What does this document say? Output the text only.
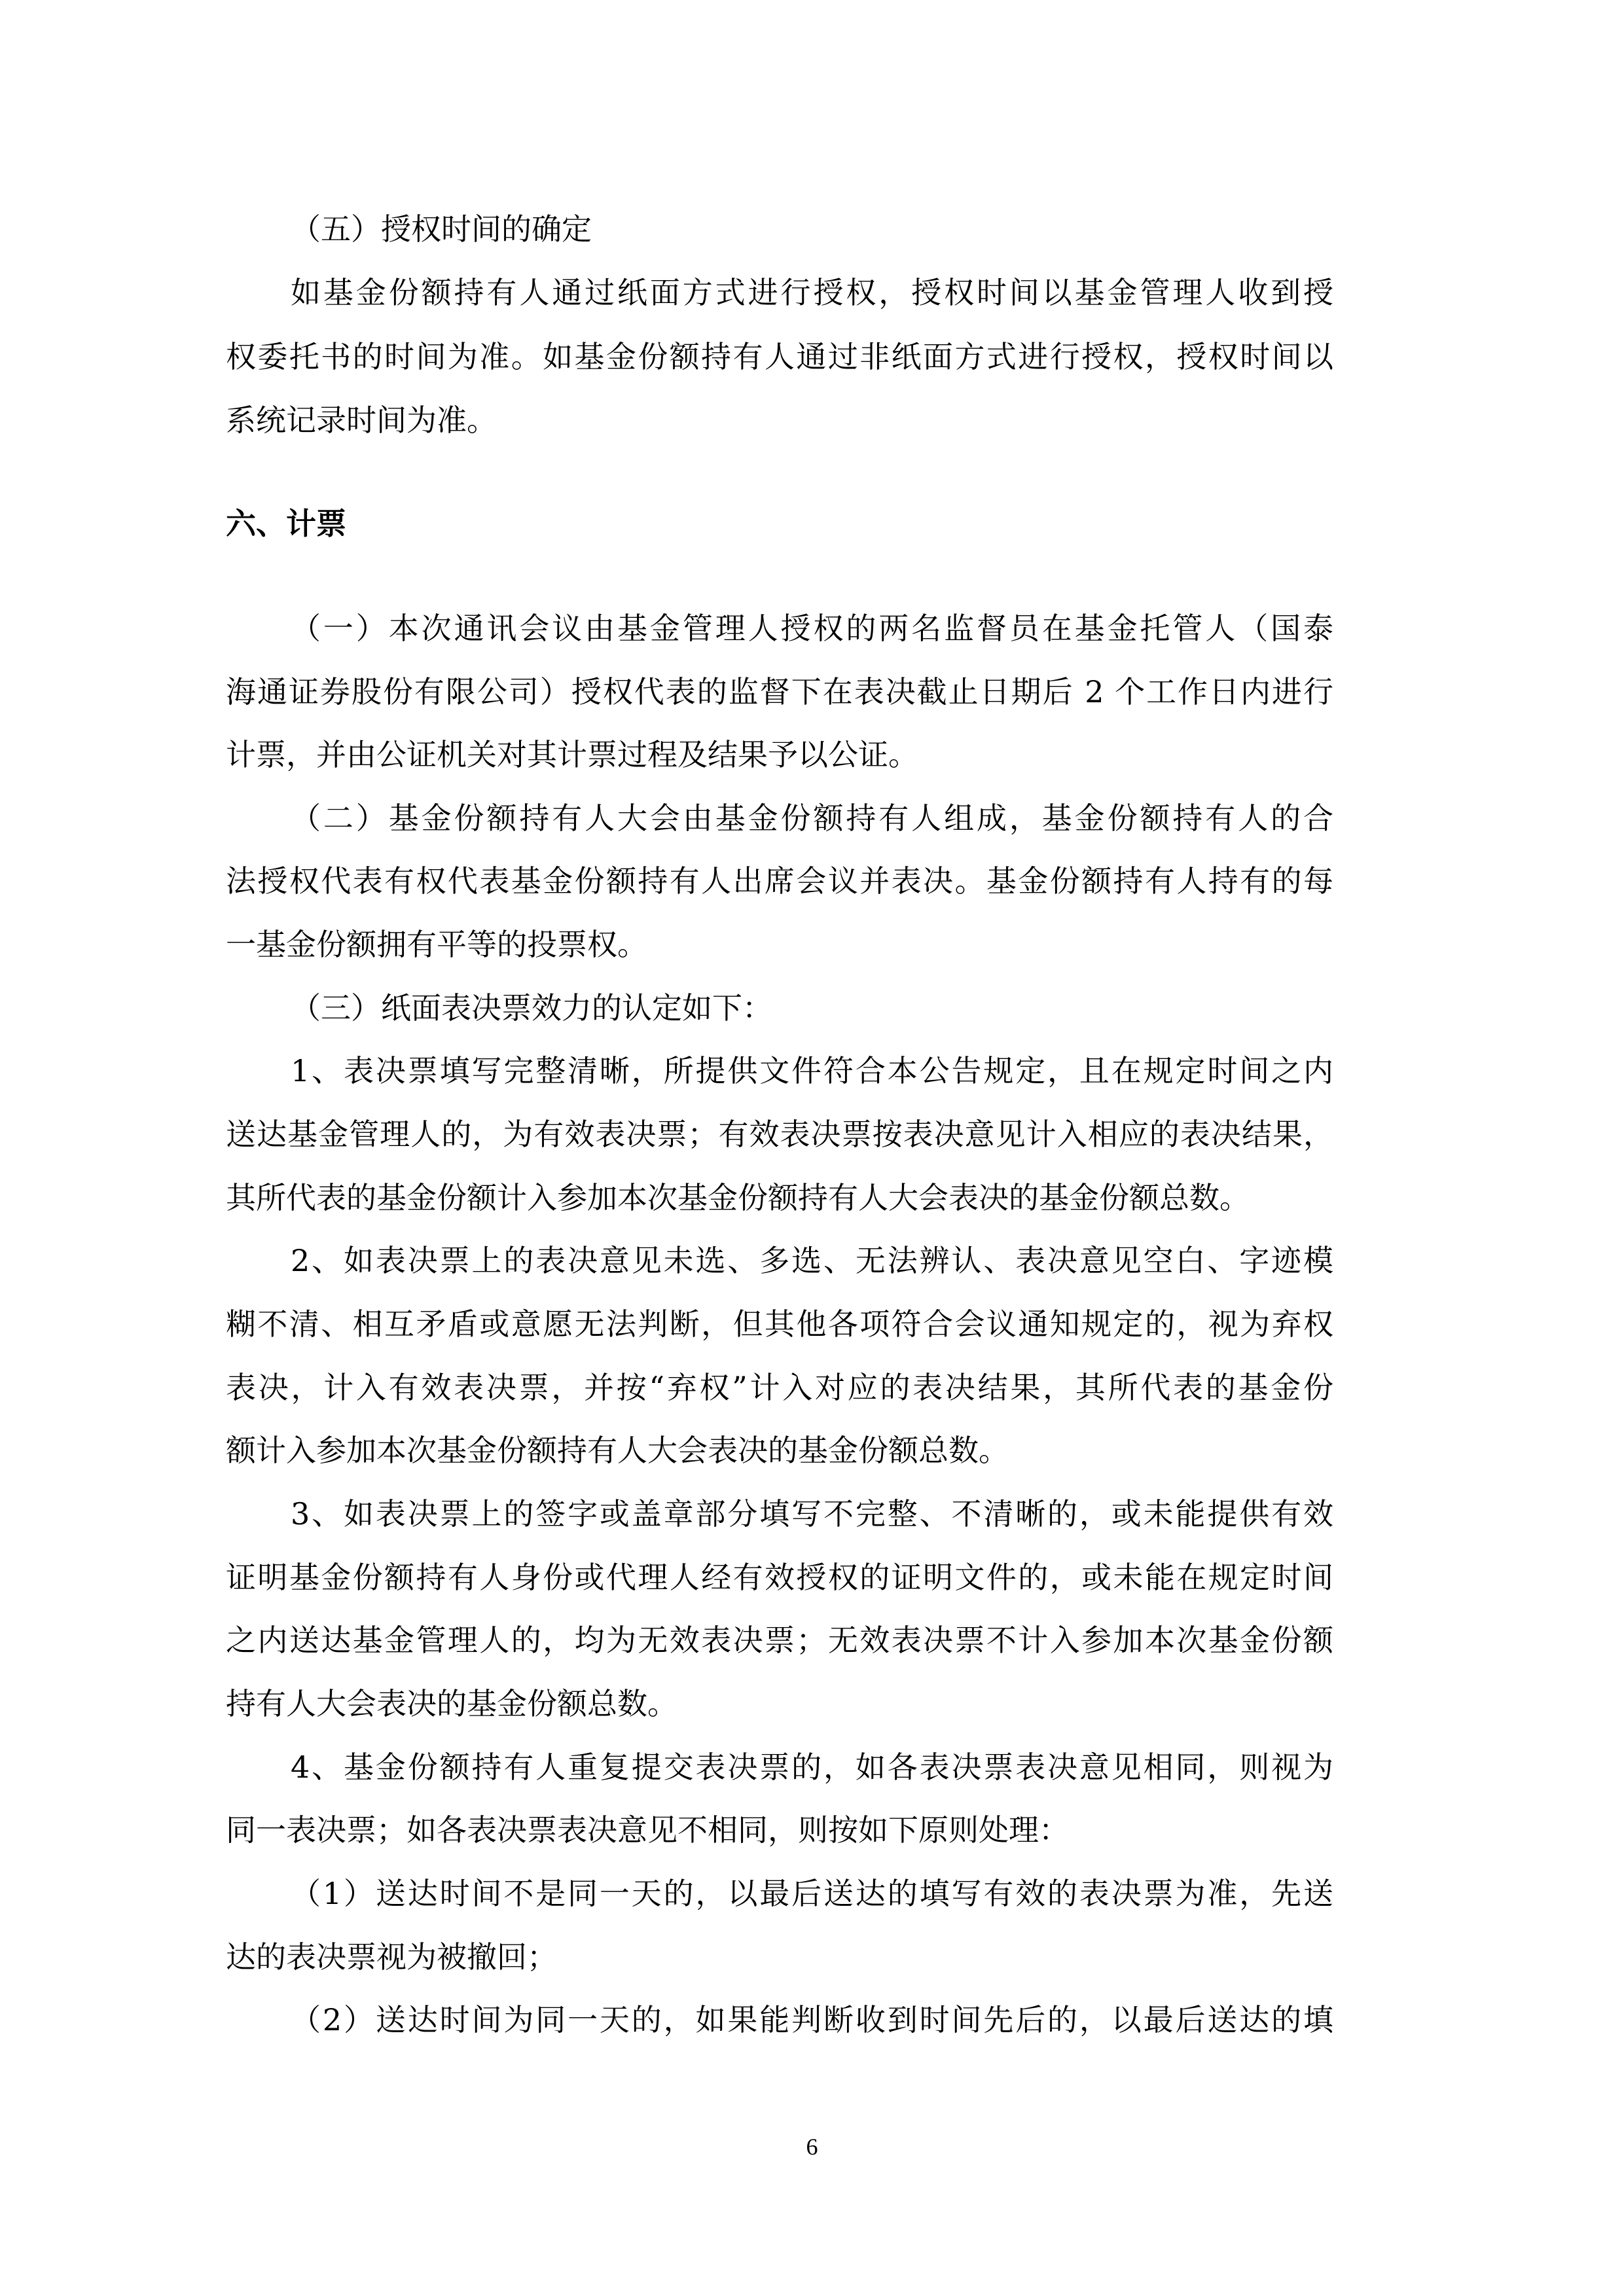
六、计票
6
（五）授权时间的确定
如基金份额持有人通过纸面方式进行授权，授权时间以基金管理人收到授
权委托书的时间为准。如基金份额持有人通过非纸面方式进行授权，授权时间以
系统记录时间为准。
（一）本次通讯会议由基金管理人授权的两名监督员在基金托管人（国泰
海通证券股份有限公司）授权代表的监督下在表决截止日期后 2 个工作日内进行
计票，并由公证机关对其计票过程及结果予以公证。
（二）基金份额持有人大会由基金份额持有人组成，基金份额持有人的合
法授权代表有权代表基金份额持有人出席会议并表决。基金份额持有人持有的每
一基金份额拥有平等的投票权。
（三）纸面表决票效力的认定如下：
1、表决票填写完整清晰，所提供文件符合本公告规定，且在规定时间之内
送达基金管理人的，为有效表决票；有效表决票按表决意见计入相应的表决结果，
其所代表的基金份额计入参加本次基金份额持有人大会表决的基金份额总数。
2、如表决票上的表决意见未选、多选、无法辨认、表决意见空白、字迹模
糊不清、相互矛盾或意愿无法判断，但其他各项符合会议通知规定的，视为弃权
表决，计入有效表决票，并按“弃权”计入对应的表决结果，其所代表的基金份
额计入参加本次基金份额持有人大会表决的基金份额总数。
3、如表决票上的签字或盖章部分填写不完整、不清晰的，或未能提供有效
证明基金份额持有人身份或代理人经有效授权的证明文件的，或未能在规定时间
之内送达基金管理人的，均为无效表决票；无效表决票不计入参加本次基金份额
持有人大会表决的基金份额总数。
4、基金份额持有人重复提交表决票的，如各表决票表决意见相同，则视为
同一表决票；如各表决票表决意见不相同，则按如下原则处理：
（1）送达时间不是同一天的，以最后送达的填写有效的表决票为准，先送
达的表决票视为被撤回；
（2）送达时间为同一天的，如果能判断收到时间先后的，以最后送达的填
